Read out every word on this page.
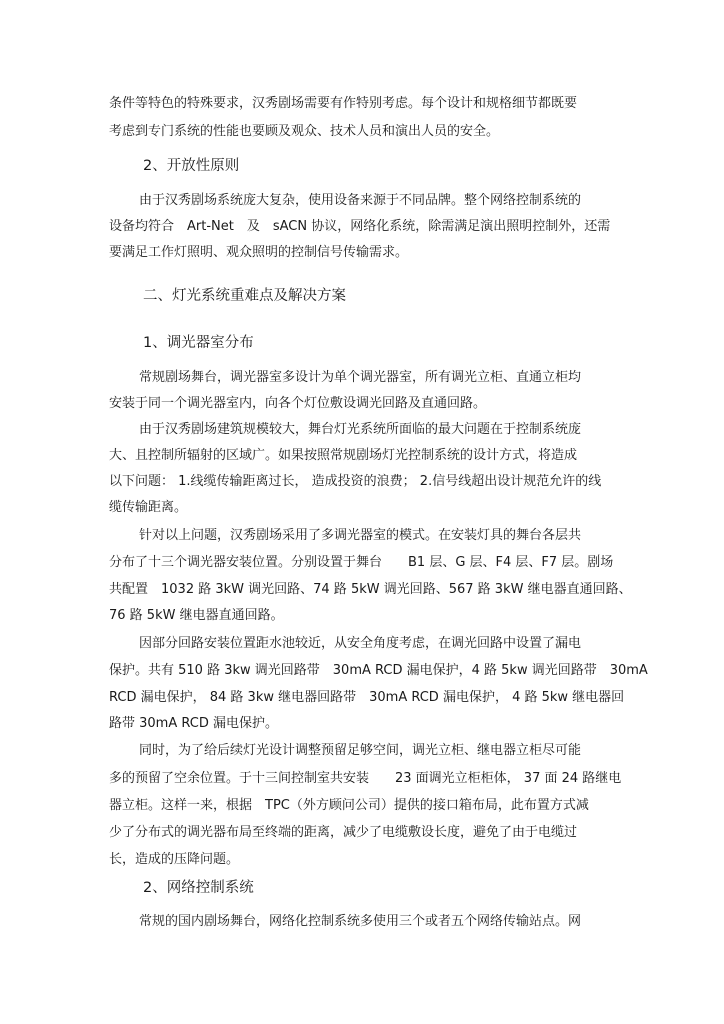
条件等特色的特殊要求，汉秀剧场需要有作特别考虑。每个设计和规格细节都既要
考虑到专门系统的性能也要顾及观众、技术人员和演出人员的安全。
2、开放性原则
由于汉秀剧场系统庞大复杂，使用设备来源于不同品牌。整个网络控制系统的
设备均符合　Art-Net　及　sACN 协议，网络化系统，除需满足演出照明控制外，还需
要满足工作灯照明、观众照明的控制信号传输需求。
二、灯光系统重难点及解决方案
1、调光器室分布
常规剧场舞台，调光器室多设计为单个调光器室，所有调光立柜、直通立柜均
安装于同一个调光器室内，向各个灯位敷设调光回路及直通回路。
由于汉秀剧场建筑规模较大，舞台灯光系统所面临的最大问题在于控制系统庞
大、且控制所辐射的区域广。如果按照常规剧场灯光控制系统的设计方式，将造成
以下问题： 1.线缆传输距离过长， 造成投资的浪费； 2.信号线超出设计规范允许的线
缆传输距离。
针对以上问题，汉秀剧场采用了多调光器室的模式。在安装灯具的舞台各层共
分布了十三个调光器安装位置。分别设置于舞台　　B1 层、G 层、F4 层、F7 层。剧场
共配置　1032 路 3kW 调光回路、74 路 5kW 调光回路、567 路 3kW 继电器直通回路、
76 路 5kW 继电器直通回路。
因部分回路安装位置距水池较近，从安全角度考虑，在调光回路中设置了漏电
保护。共有 510 路 3kw 调光回路带　30mA RCD 漏电保护，4 路 5kw 调光回路带　30mA
RCD 漏电保护， 84 路 3kw 继电器回路带　30mA RCD 漏电保护， 4 路 5kw 继电器回
路带 30mA RCD 漏电保护。
同时，为了给后续灯光设计调整预留足够空间，调光立柜、继电器立柜尽可能
多的预留了空余位置。于十三间控制室共安装　　23 面调光立柜柜体， 37 面 24 路继电
器立柜。这样一来，根据　TPC（外方顾问公司）提供的接口箱布局，此布置方式减
少了分布式的调光器布局至终端的距离，减少了电缆敷设长度，避免了由于电缆过
长，造成的压降问题。
2、网络控制系统
常规的国内剧场舞台，网络化控制系统多使用三个或者五个网络传输站点。网
